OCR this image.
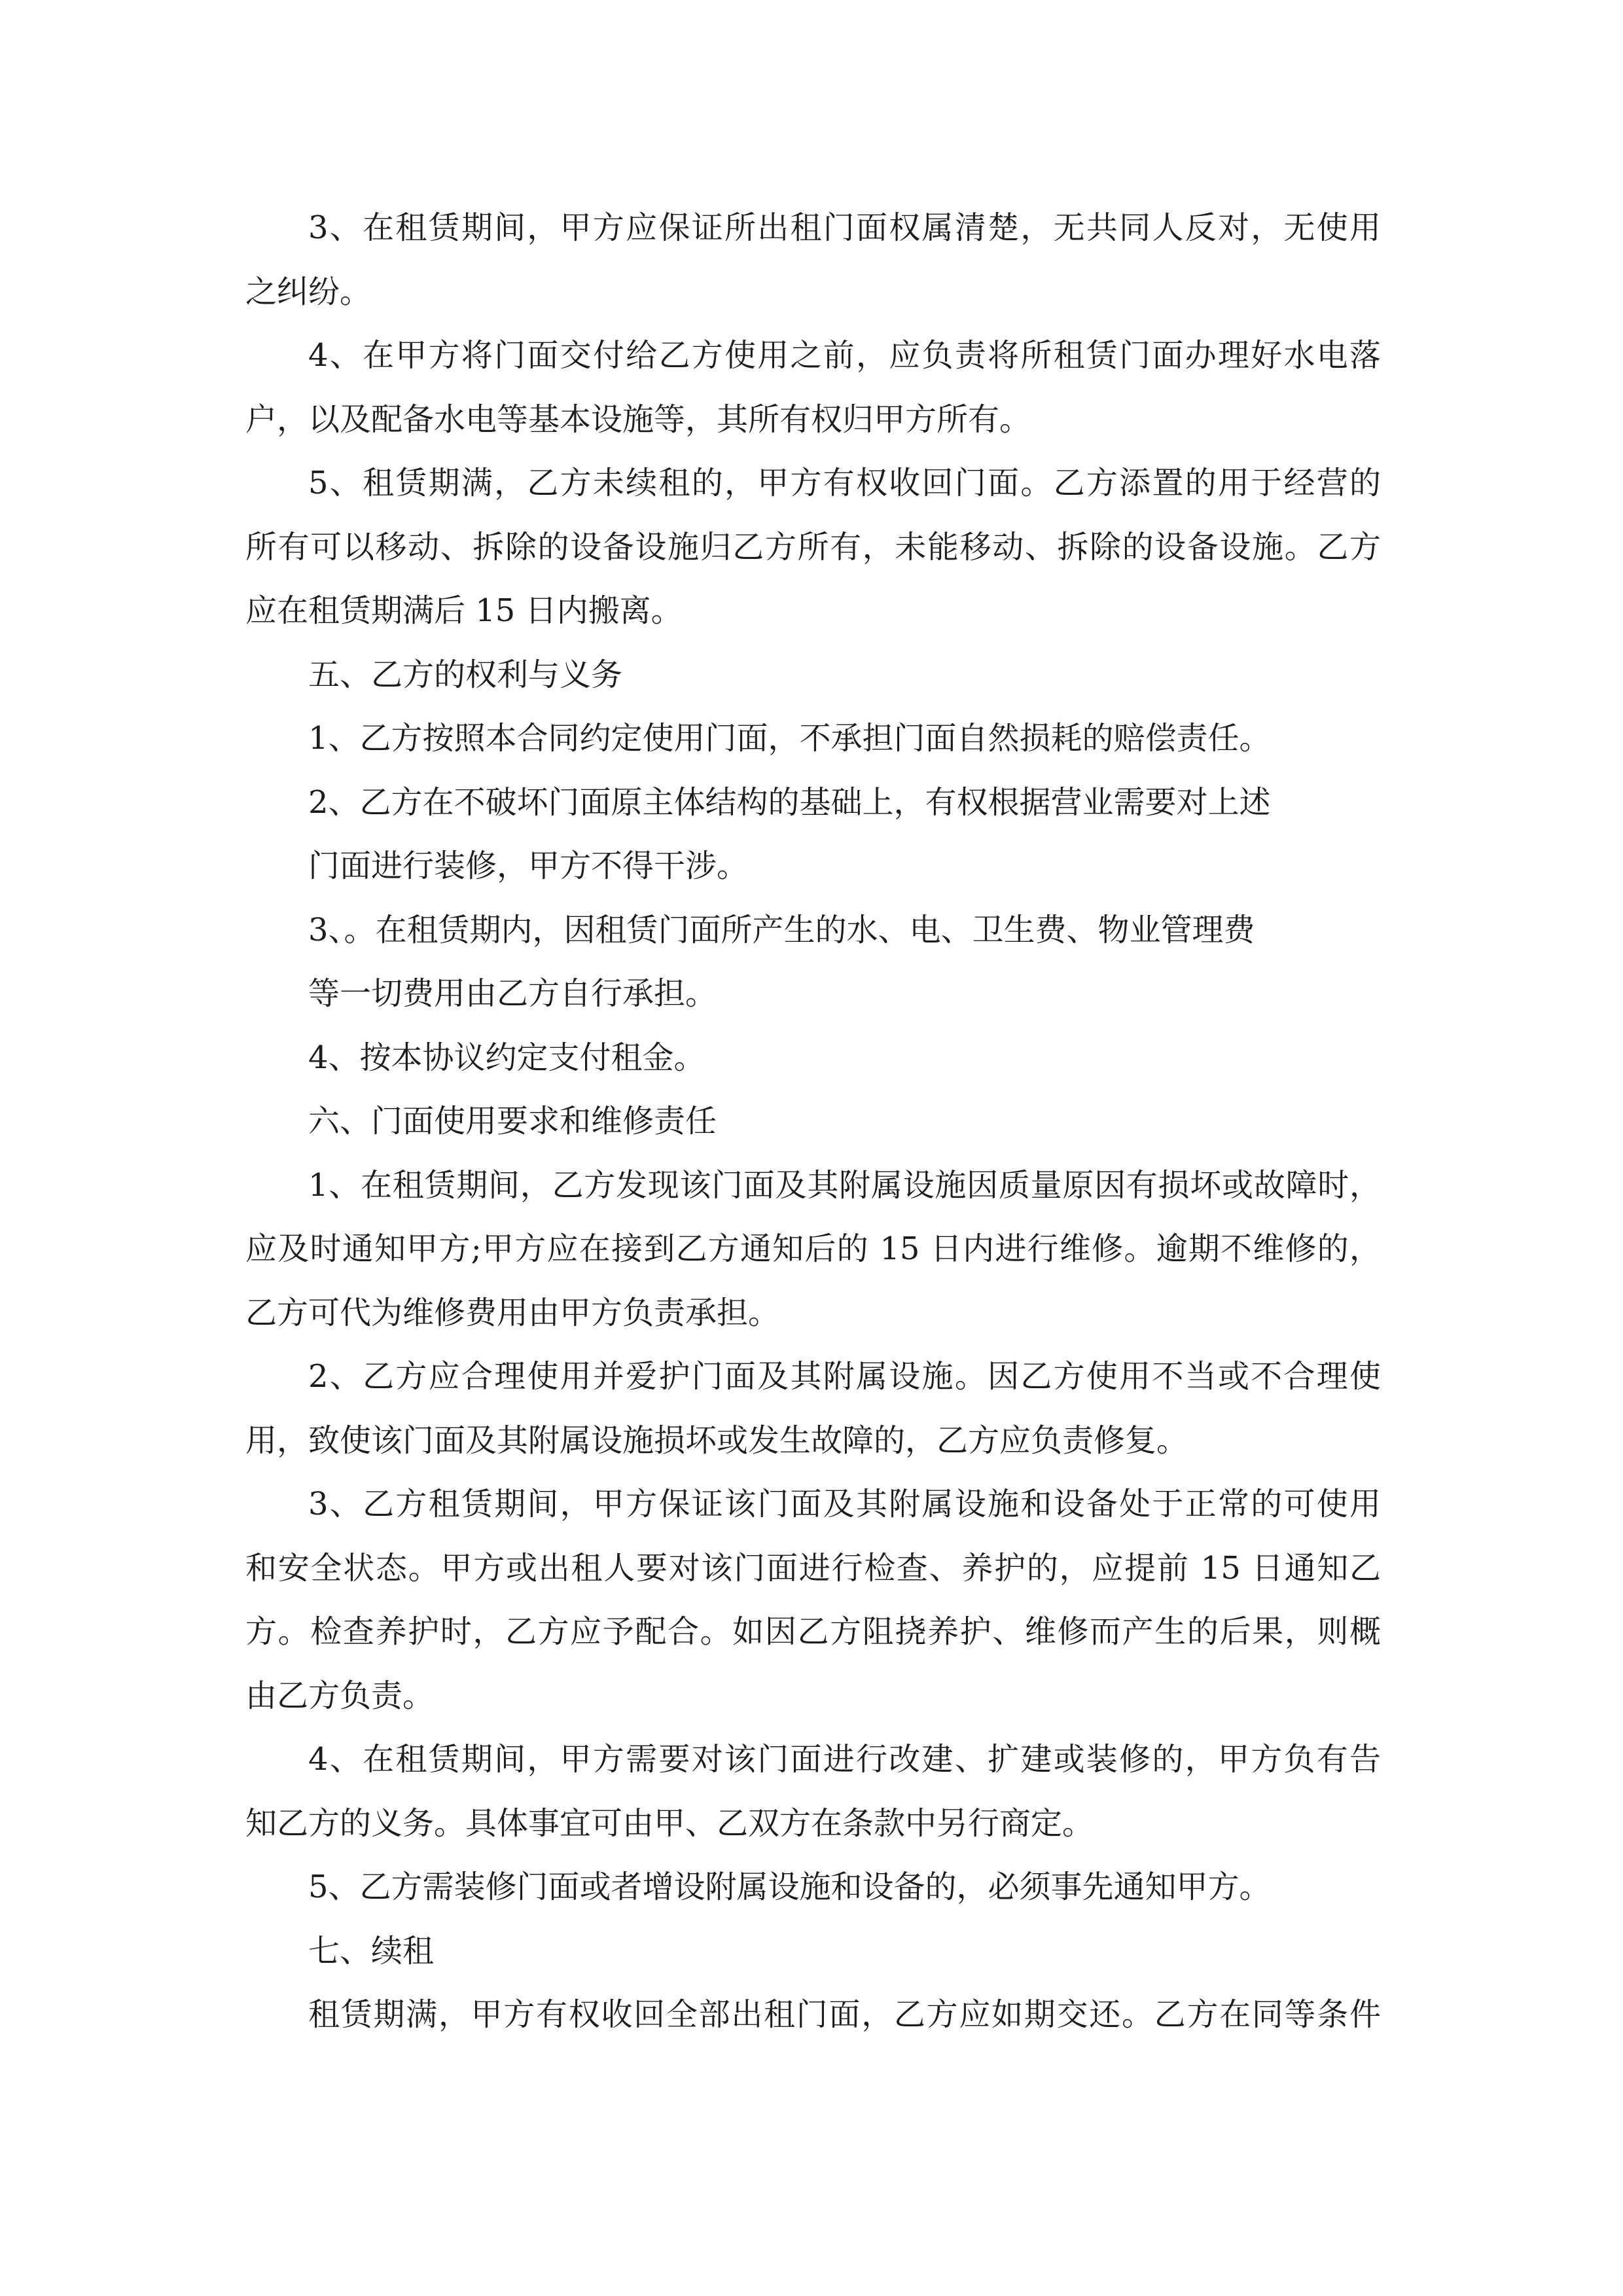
3、在租赁期间，甲方应保证所出租门面权属清楚，无共同人反对，无使用
之纠纷。
4、在甲方将门面交付给乙方使用之前，应负责将所租赁门面办理好水电落
户，以及配备水电等基本设施等，其所有权归甲方所有。
5、租赁期满，乙方未续租的，甲方有权收回门面。乙方添置的用于经营的
所有可以移动、拆除的设备设施归乙方所有，未能移动、拆除的设备设施。乙方
应在租赁期满后 15 日内搬离。
五、乙方的权利与义务
1、乙方按照本合同约定使用门面，不承担门面自然损耗的赔偿责任。
2、乙方在不破坏门面原主体结构的基础上，有权根据营业需要对上述
门面进行装修，甲方不得干涉。
3、。在租赁期内，因租赁门面所产生的水、电、卫生费、物业管理费
等一切费用由乙方自行承担。
4、按本协议约定支付租金。
六、门面使用要求和维修责任
1、在租赁期间，乙方发现该门面及其附属设施因质量原因有损坏或故障时，
应及时通知甲方;甲方应在接到乙方通知后的 15 日内进行维修。逾期不维修的，
乙方可代为维修费用由甲方负责承担。
2、乙方应合理使用并爱护门面及其附属设施。因乙方使用不当或不合理使
用，致使该门面及其附属设施损坏或发生故障的，乙方应负责修复。
3、乙方租赁期间，甲方保证该门面及其附属设施和设备处于正常的可使用
和安全状态。甲方或出租人要对该门面进行检查、养护的，应提前 15 日通知乙
方。检查养护时，乙方应予配合。如因乙方阻挠养护、维修而产生的后果，则概
由乙方负责。
4、在租赁期间，甲方需要对该门面进行改建、扩建或装修的，甲方负有告
知乙方的义务。具体事宜可由甲、乙双方在条款中另行商定。
5、乙方需装修门面或者增设附属设施和设备的，必须事先通知甲方。
七、续租
租赁期满，甲方有权收回全部出租门面，乙方应如期交还。乙方在同等条件
